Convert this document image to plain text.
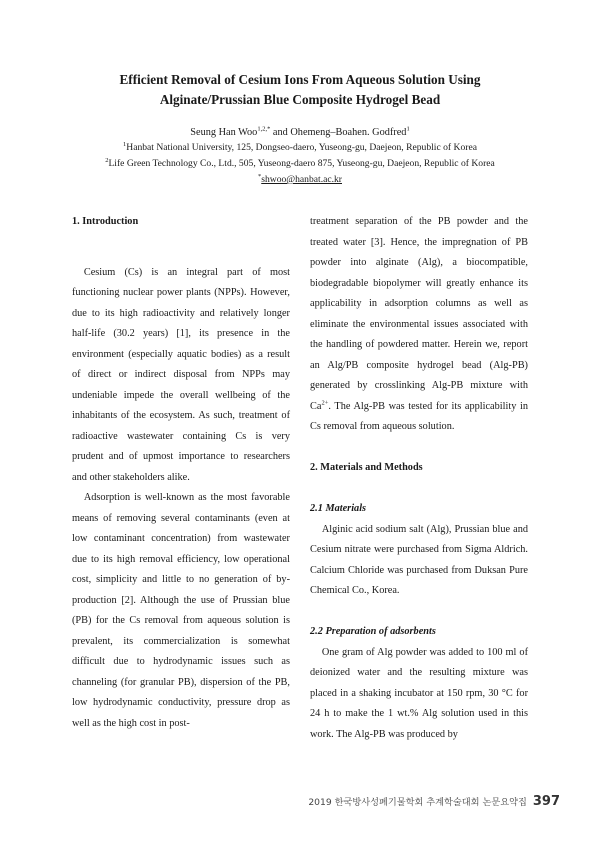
Efficient Removal of Cesium Ions From Aqueous Solution Using
Alginate/Prussian Blue Composite Hydrogel Bead
Seung Han Woo$^{1,2,*}$ and Ohemeng–Boahen. Godfred$^1$
$^1$Hanbat National University, 125, Dongseo-daero, Yuseong-gu, Daejeon, Republic of Korea
$^2$Life Green Technology Co., Ltd., 505, Yuseong-daero 875, Yuseong-gu, Daejeon, Republic of Korea
*shwoo@hanbat.ac.kr

1. Introduction

Cesium (Cs) is an integral part of most functioning nuclear power plants (NPPs). However, due to its high radioactivity and relatively longer half-life (30.2 years) [1], its presence in the environment (especially aquatic bodies) as a result of direct or indirect disposal from NPPs may undeniable impede the overall wellbeing of the inhabitants of the ecosystem. As such, treatment of radioactive wastewater containing Cs is very prudent and of upmost importance to researchers and other stakeholders alike.

Adsorption is well-known as the most favorable means of removing several contaminants (even at low contaminant concentration) from wastewater due to its high removal efficiency, low operational cost, simplicity and little to no generation of by-production [2]. Although the use of Prussian blue (PB) for the Cs removal from aqueous solution is prevalent, its commercialization is somewhat difficult due to hydrodynamic issues such as channeling (for granular PB), dispersion of the PB, low hydrodynamic conductivity, pressure drop as well as the high cost in post-

treatment separation of the PB powder and the treated water [3]. Hence, the impregnation of PB powder into alginate (Alg), a biocompatible, biodegradable biopolymer will greatly enhance its applicability in adsorption columns as well as eliminate the environmental issues associated with the handling of powdered matter. Herein we, report an Alg/PB composite hydrogel bead (Alg-PB) generated by crosslinking Alg-PB mixture with $Ca^{2+}$. The Alg-PB was tested for its applicability in Cs removal from aqueous solution.

2. Materials and Methods

2.1 Materials

Alginic acid sodium salt (Alg), Prussian blue and Cesium nitrate were purchased from Sigma Aldrich. Calcium Chloride was purchased from Duksan Pure Chemical Co., Korea.

2.2 Preparation of adsorbents

One gram of Alg powder was added to 100 ml of deionized water and the resulting mixture was placed in a shaking incubator at 150 rpm, 30 °C for 24 h to make the 1 wt.% Alg solution used in this work. The Alg-PB was produced by

2019 한국방사성폐기물학회 추계학술대회 논문요약집 397
